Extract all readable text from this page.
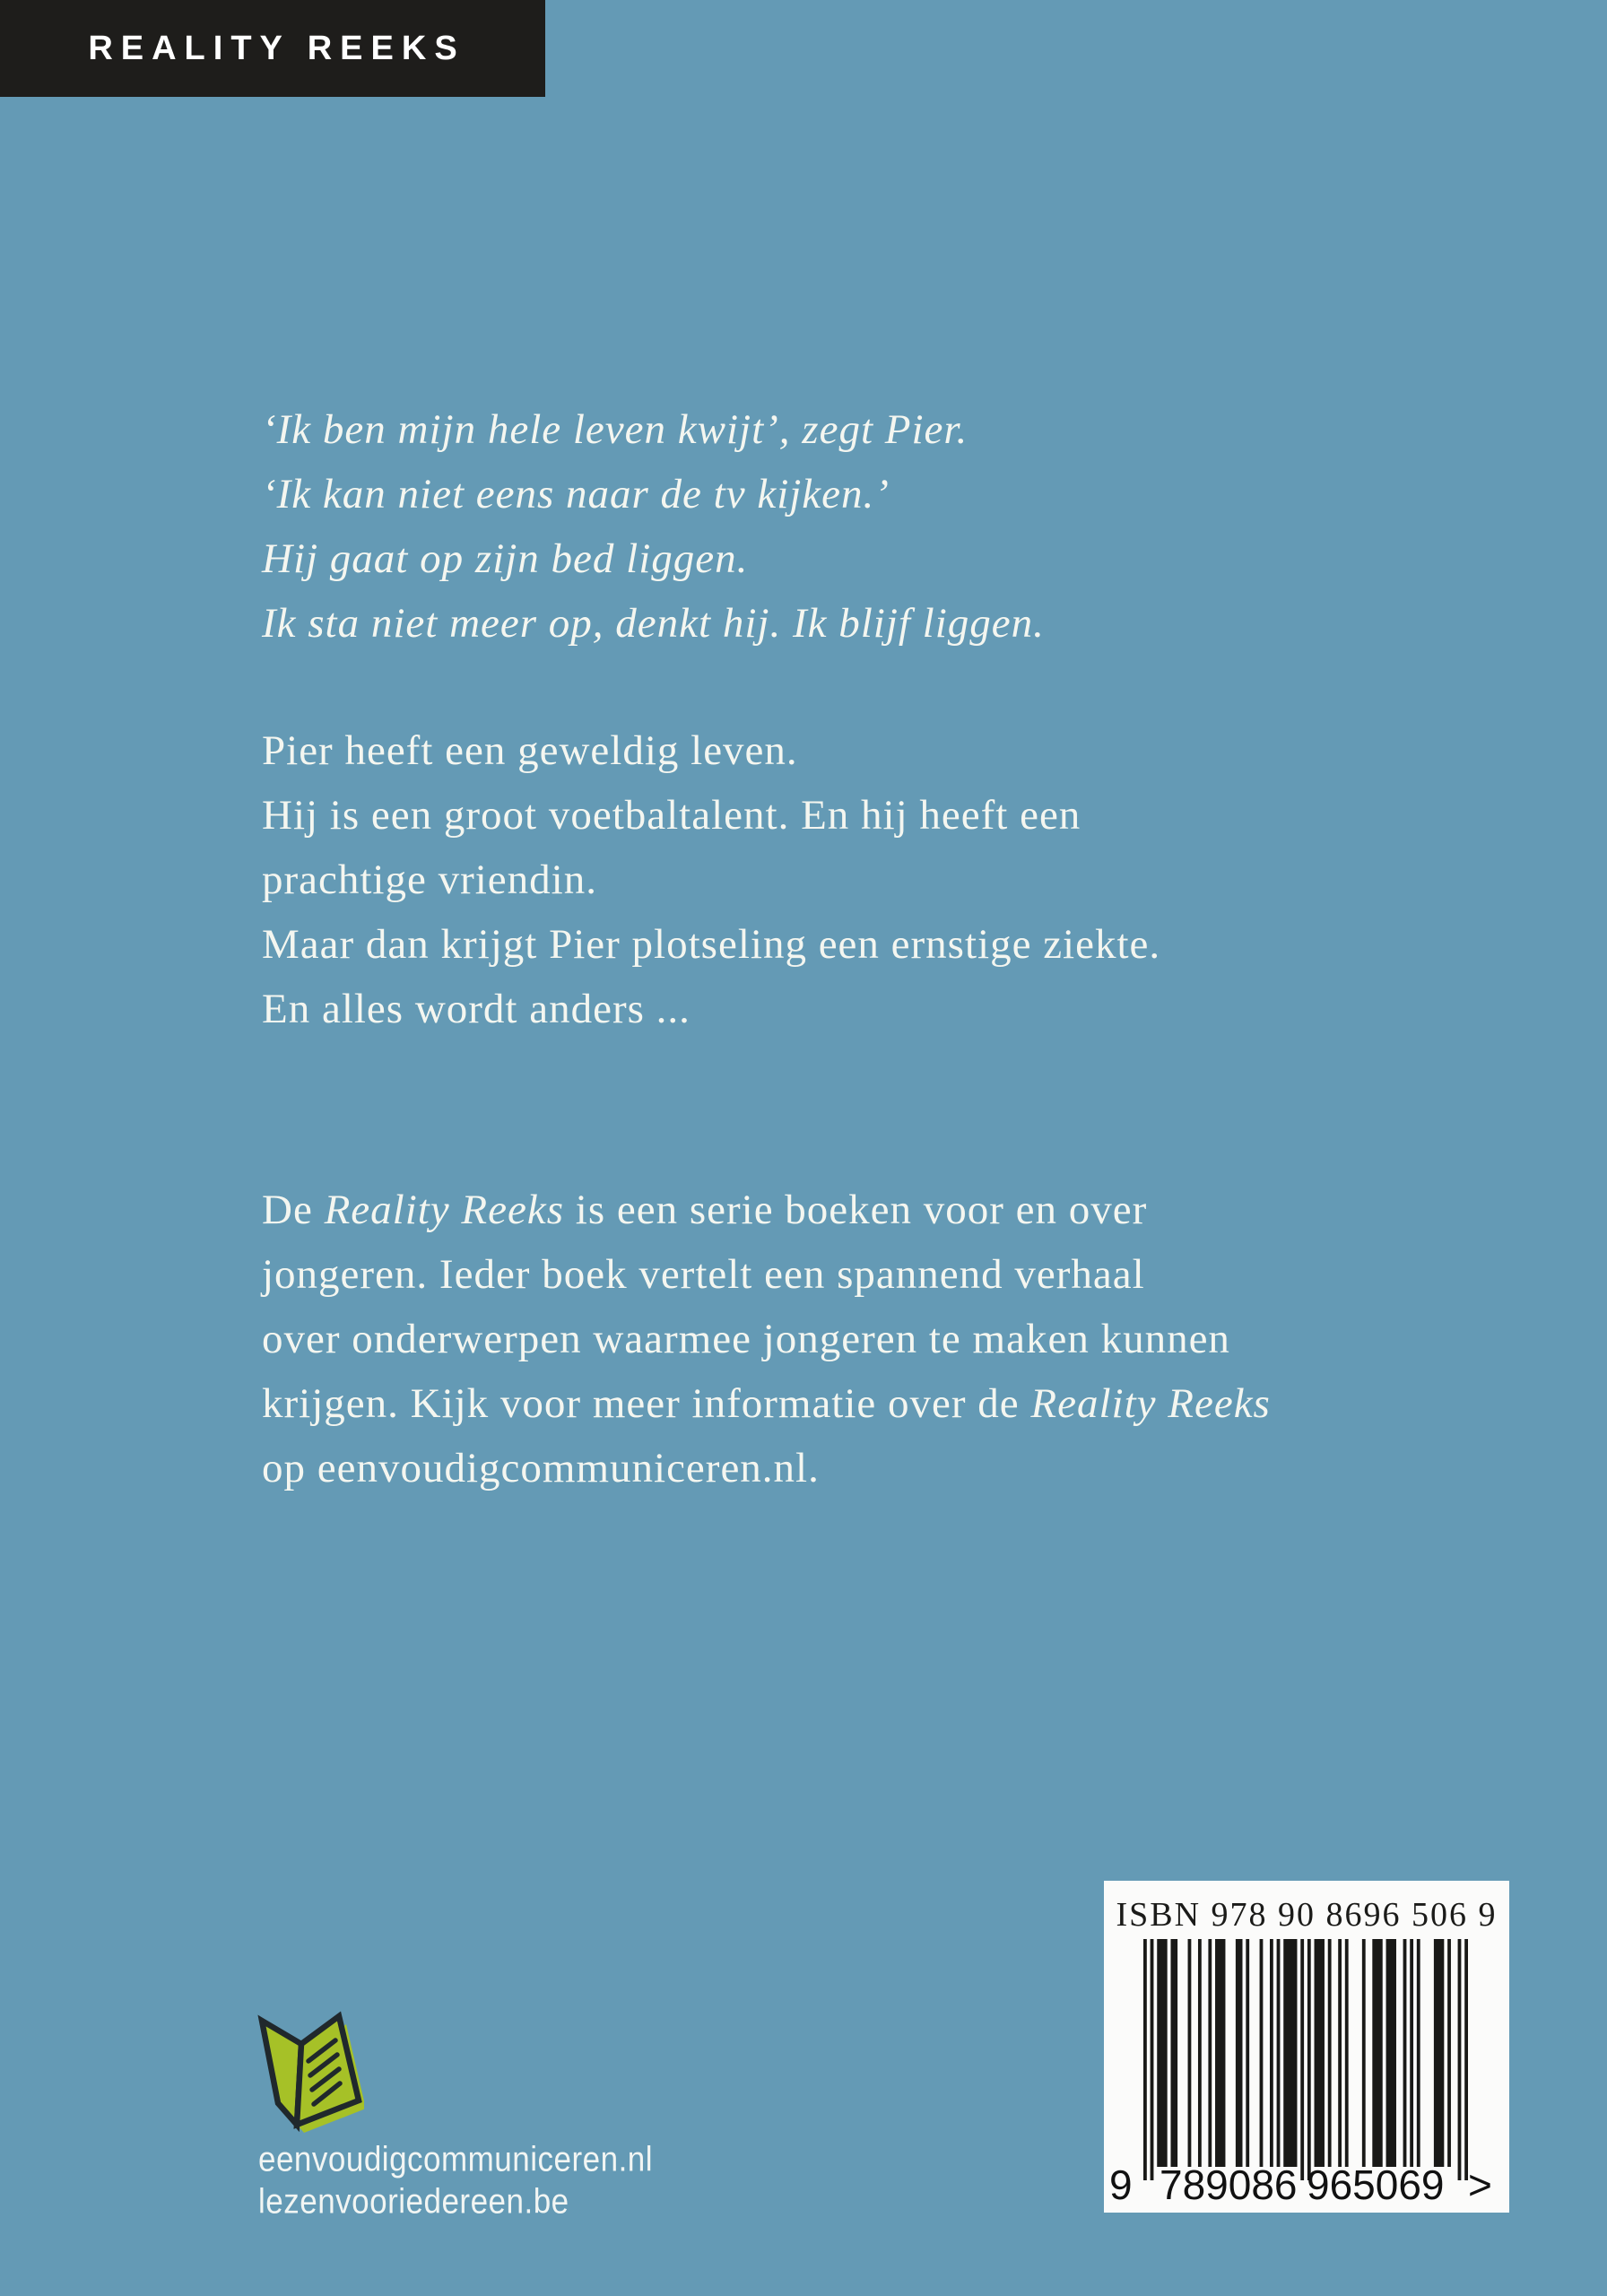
REALITY REEKS
‘Ik ben mijn hele leven kwijt’, zegt Pier.
‘Ik kan niet eens naar de tv kijken.’
Hij gaat op zijn bed liggen.
Ik sta niet meer op, denkt hij. Ik blijf liggen.
Pier heeft een geweldig leven.
Hij is een groot voetbaltalent. En hij heeft een
prachtige vriendin.
Maar dan krijgt Pier plotseling een ernstige ziekte.
En alles wordt anders ...
De Reality Reeks is een serie boeken voor en over
jongeren. Ieder boek vertelt een spannend verhaal
over onderwerpen waarmee jongeren te maken kunnen
krijgen. Kijk voor meer informatie over de Reality Reeks
op eenvoudigcommuniceren.nl.
eenvoudigcommuniceren.nl
lezenvooriedereen.be
ISBN 978 90 8696 506 9
9 789086 965069 >
